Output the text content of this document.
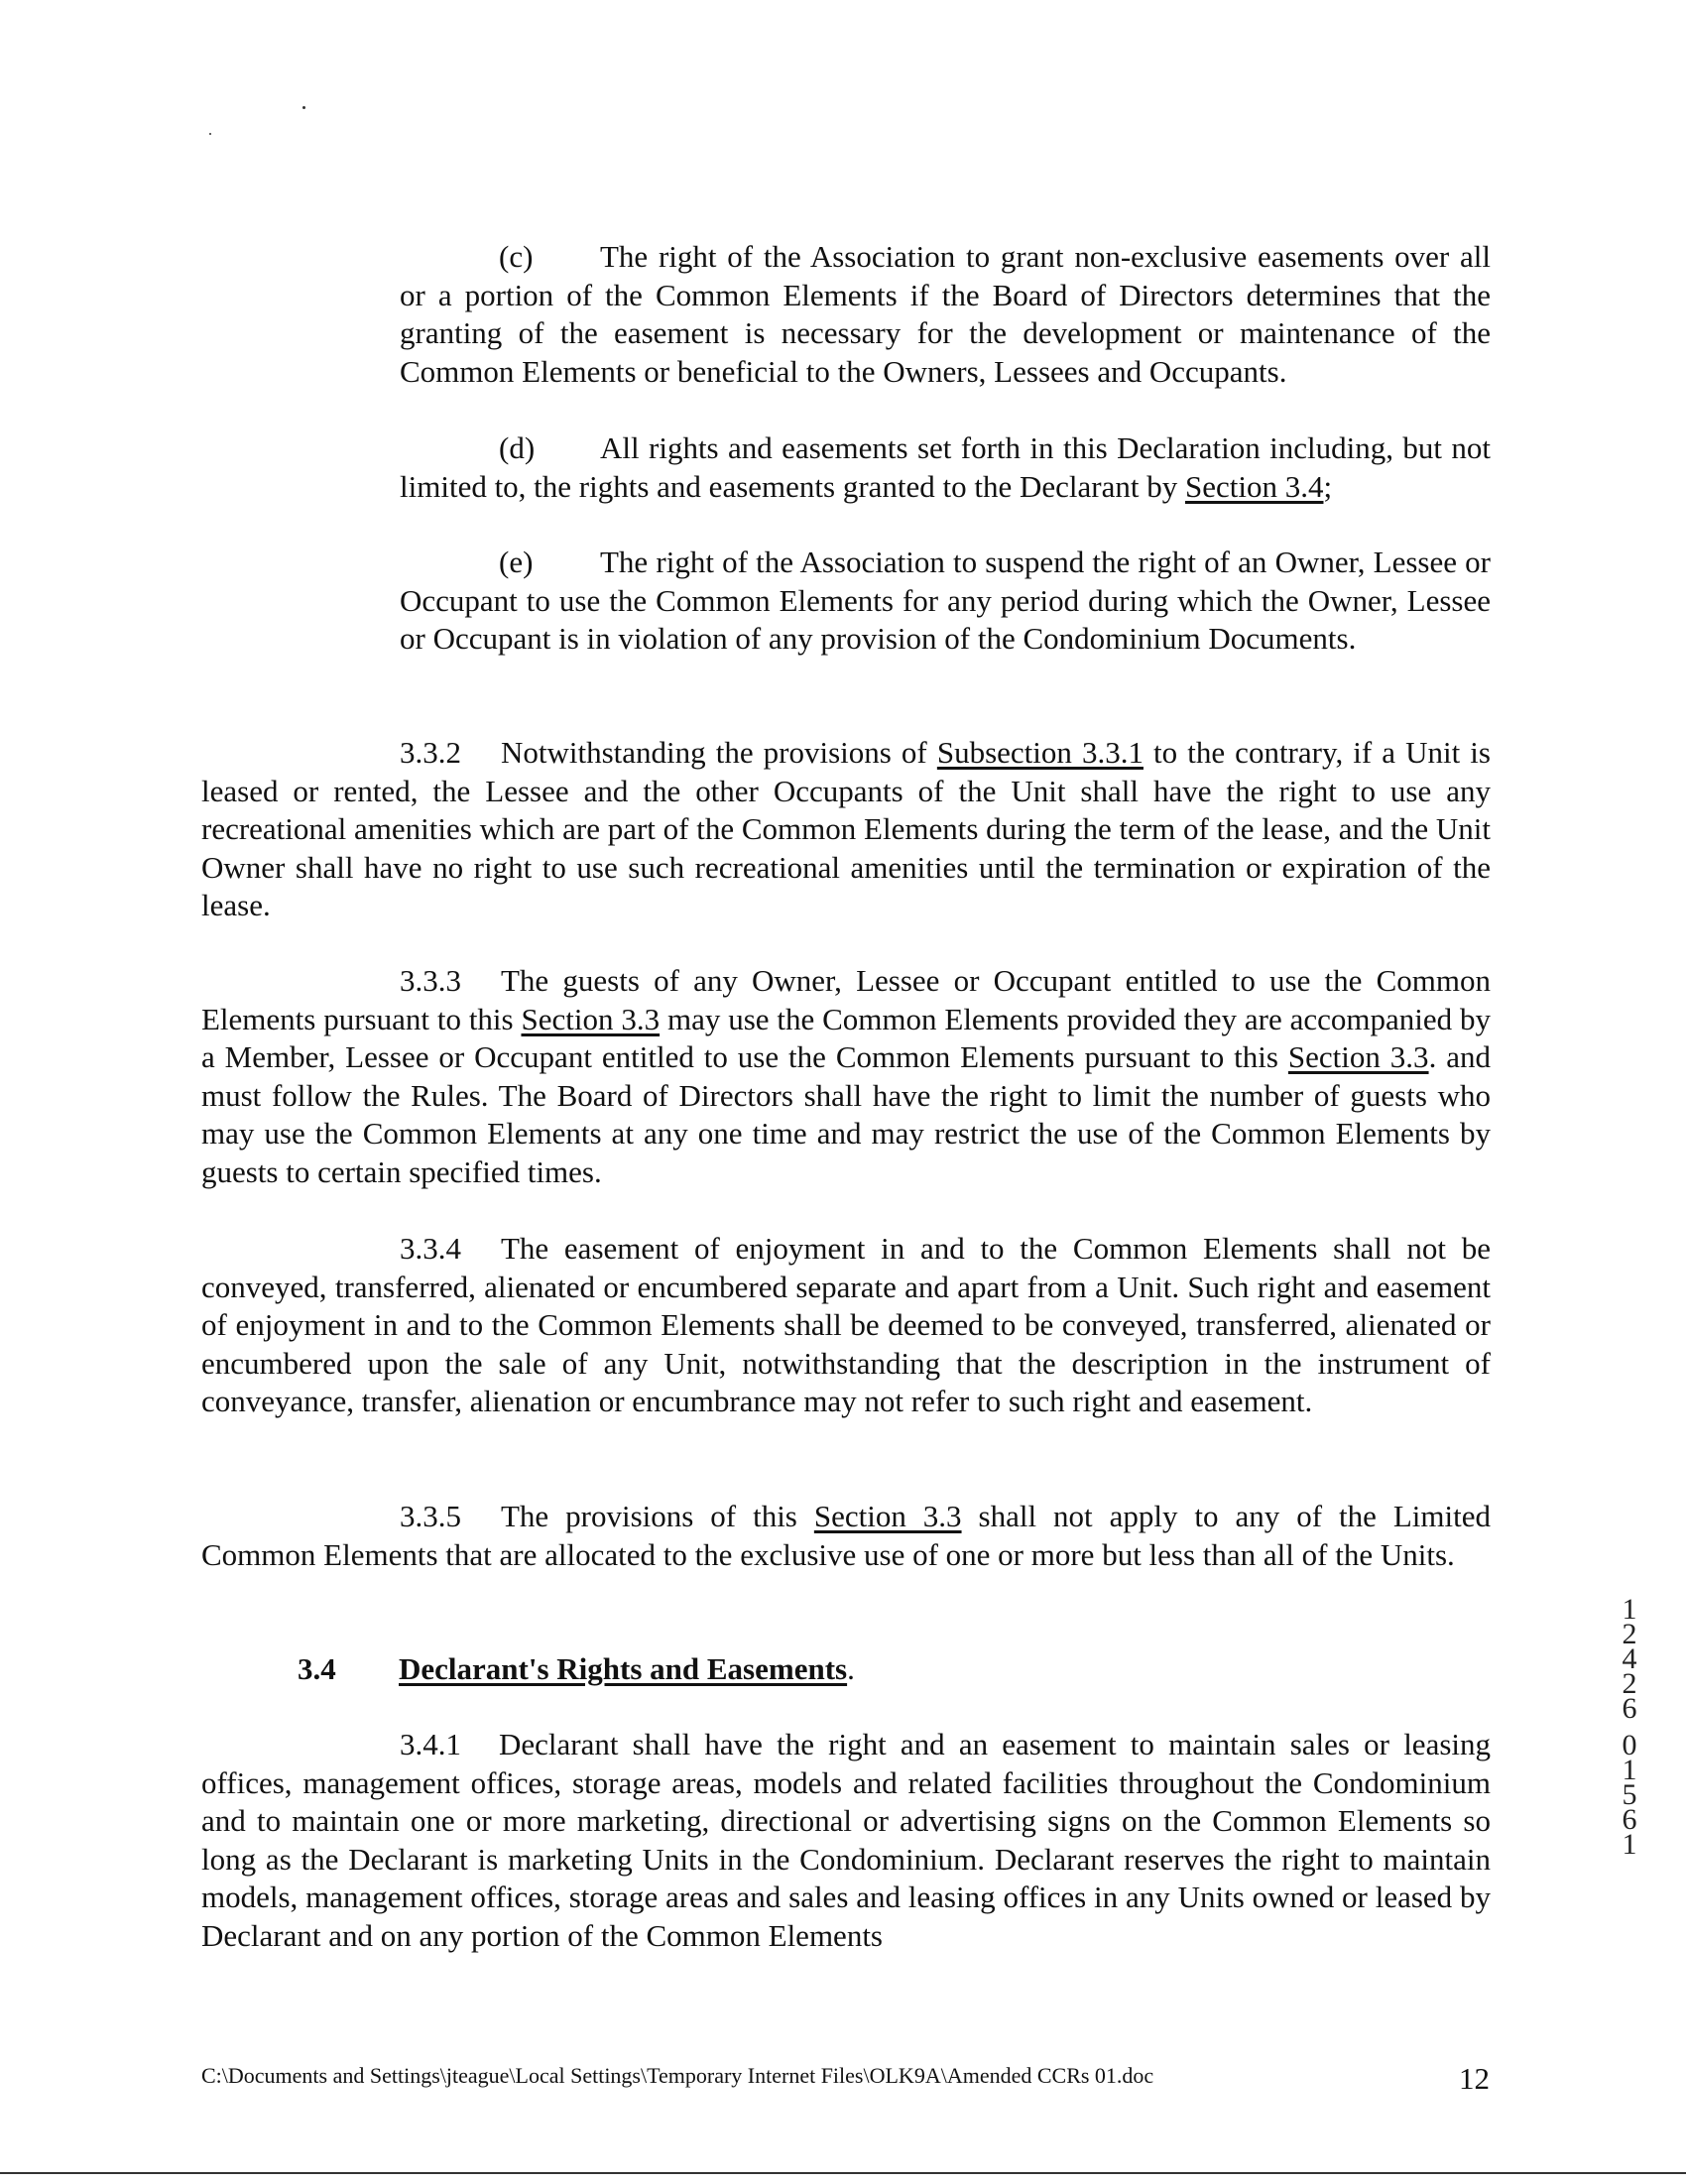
(c) The right of the Association to grant non-exclusive easements over all or a portion of the Common Elements if the Board of Directors determines that the granting of the easement is necessary for the development or maintenance of the Common Elements or beneficial to the Owners, Lessees and Occupants.

(d) All rights and easements set forth in this Declaration including, but not limited to, the rights and easements granted to the Declarant by Section 3.4;

(e) The right of the Association to suspend the right of an Owner, Lessee or Occupant to use the Common Elements for any period during which the Owner, Lessee or Occupant is in violation of any provision of the Condominium Documents.

3.3.2 Notwithstanding the provisions of Subsection 3.3.1 to the contrary, if a Unit is leased or rented, the Lessee and the other Occupants of the Unit shall have the right to use any recreational amenities which are part of the Common Elements during the term of the lease, and the Unit Owner shall have no right to use such recreational amenities until the termination or expiration of the lease.

3.3.3 The guests of any Owner, Lessee or Occupant entitled to use the Common Elements pursuant to this Section 3.3 may use the Common Elements provided they are accompanied by a Member, Lessee or Occupant entitled to use the Common Elements pursuant to this Section 3.3. and must follow the Rules. The Board of Directors shall have the right to limit the number of guests who may use the Common Elements at any one time and may restrict the use of the Common Elements by guests to certain specified times.

3.3.4 The easement of enjoyment in and to the Common Elements shall not be conveyed, transferred, alienated or encumbered separate and apart from a Unit. Such right and easement of enjoyment in and to the Common Elements shall be deemed to be conveyed, transferred, alienated or encumbered upon the sale of any Unit, notwithstanding that the description in the instrument of conveyance, transfer, alienation or encumbrance may not refer to such right and easement.

3.3.5 The provisions of this Section 3.3 shall not apply to any of the Limited Common Elements that are allocated to the exclusive use of one or more but less than all of the Units.

3.4 Declarant's Rights and Easements.

3.4.1 Declarant shall have the right and an easement to maintain sales or leasing offices, management offices, storage areas, models and related facilities throughout the Condominium and to maintain one or more marketing, directional or advertising signs on the Common Elements so long as the Declarant is marketing Units in the Condominium. Declarant reserves the right to maintain models, management offices, storage areas and sales and leasing offices in any Units owned or leased by Declarant and on any portion of the Common Elements

1
2
4
2
6
0
1
5
6
1

C:\Documents and Settings\jteague\Local Settings\Temporary Internet Files\OLK9A\Amended CCRs 01.doc	12
